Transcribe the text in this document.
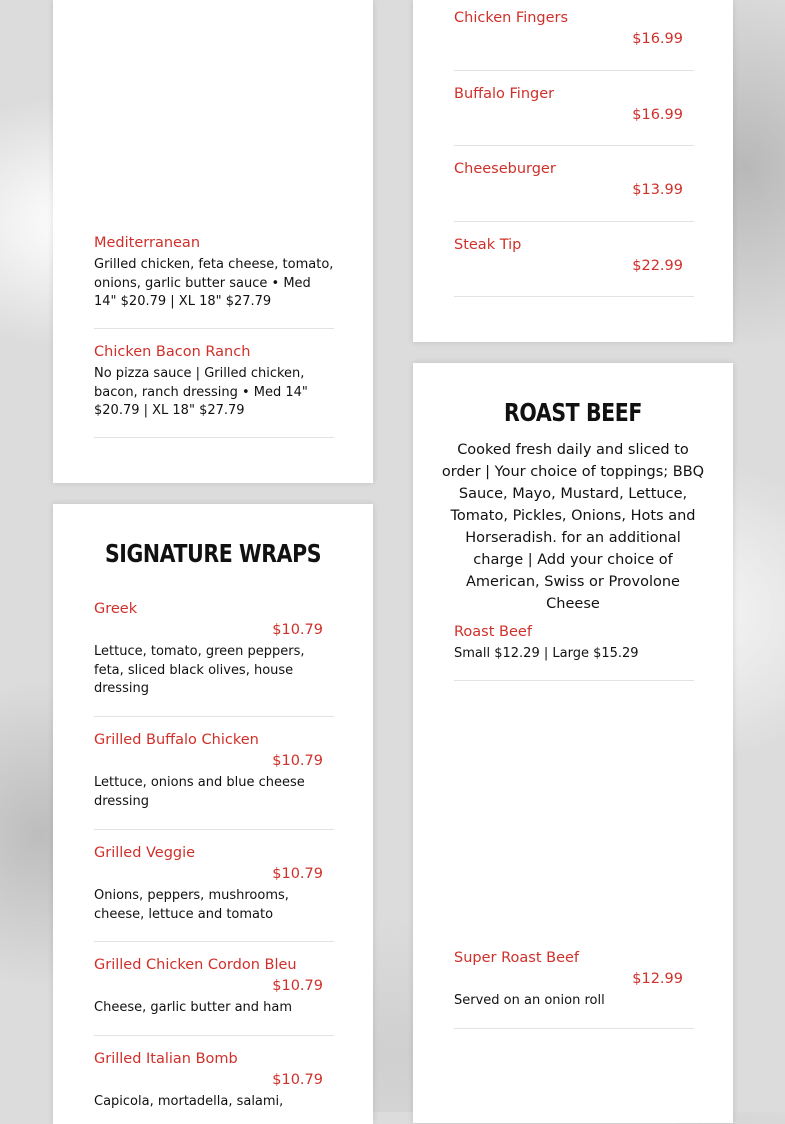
Mediterranean
Grilled chicken, feta cheese, tomato, onions, garlic butter sauce • Med 14" $20.79 | XL 18" $27.79
Chicken Bacon Ranch
No pizza sauce | Grilled chicken, bacon, ranch dressing • Med 14" $20.79 | XL 18" $27.79
SIGNATURE WRAPS
Greek
$10.79
Lettuce, tomato, green peppers, feta, sliced black olives, house dressing
Grilled Buffalo Chicken
$10.79
Lettuce, onions and blue cheese dressing
Grilled Veggie
$10.79
Onions, peppers, mushrooms, cheese, lettuce and tomato
Grilled Chicken Cordon Bleu
$10.79
Cheese, garlic butter and ham
Grilled Italian Bomb
$10.79
Capicola, mortadella, salami,
Chicken Fingers
$16.99
Buffalo Finger
$16.99
Cheeseburger
$13.99
Steak Tip
$22.99
ROAST BEEF
Cooked fresh daily and sliced to order | Your choice of toppings; BBQ Sauce, Mayo, Mustard, Lettuce, Tomato, Pickles, Onions, Hots and Horseradish. for an additional charge | Add your choice of American, Swiss or Provolone Cheese
Roast Beef
Small $12.29 | Large $15.29
Super Roast Beef
$12.99
Served on an onion roll
